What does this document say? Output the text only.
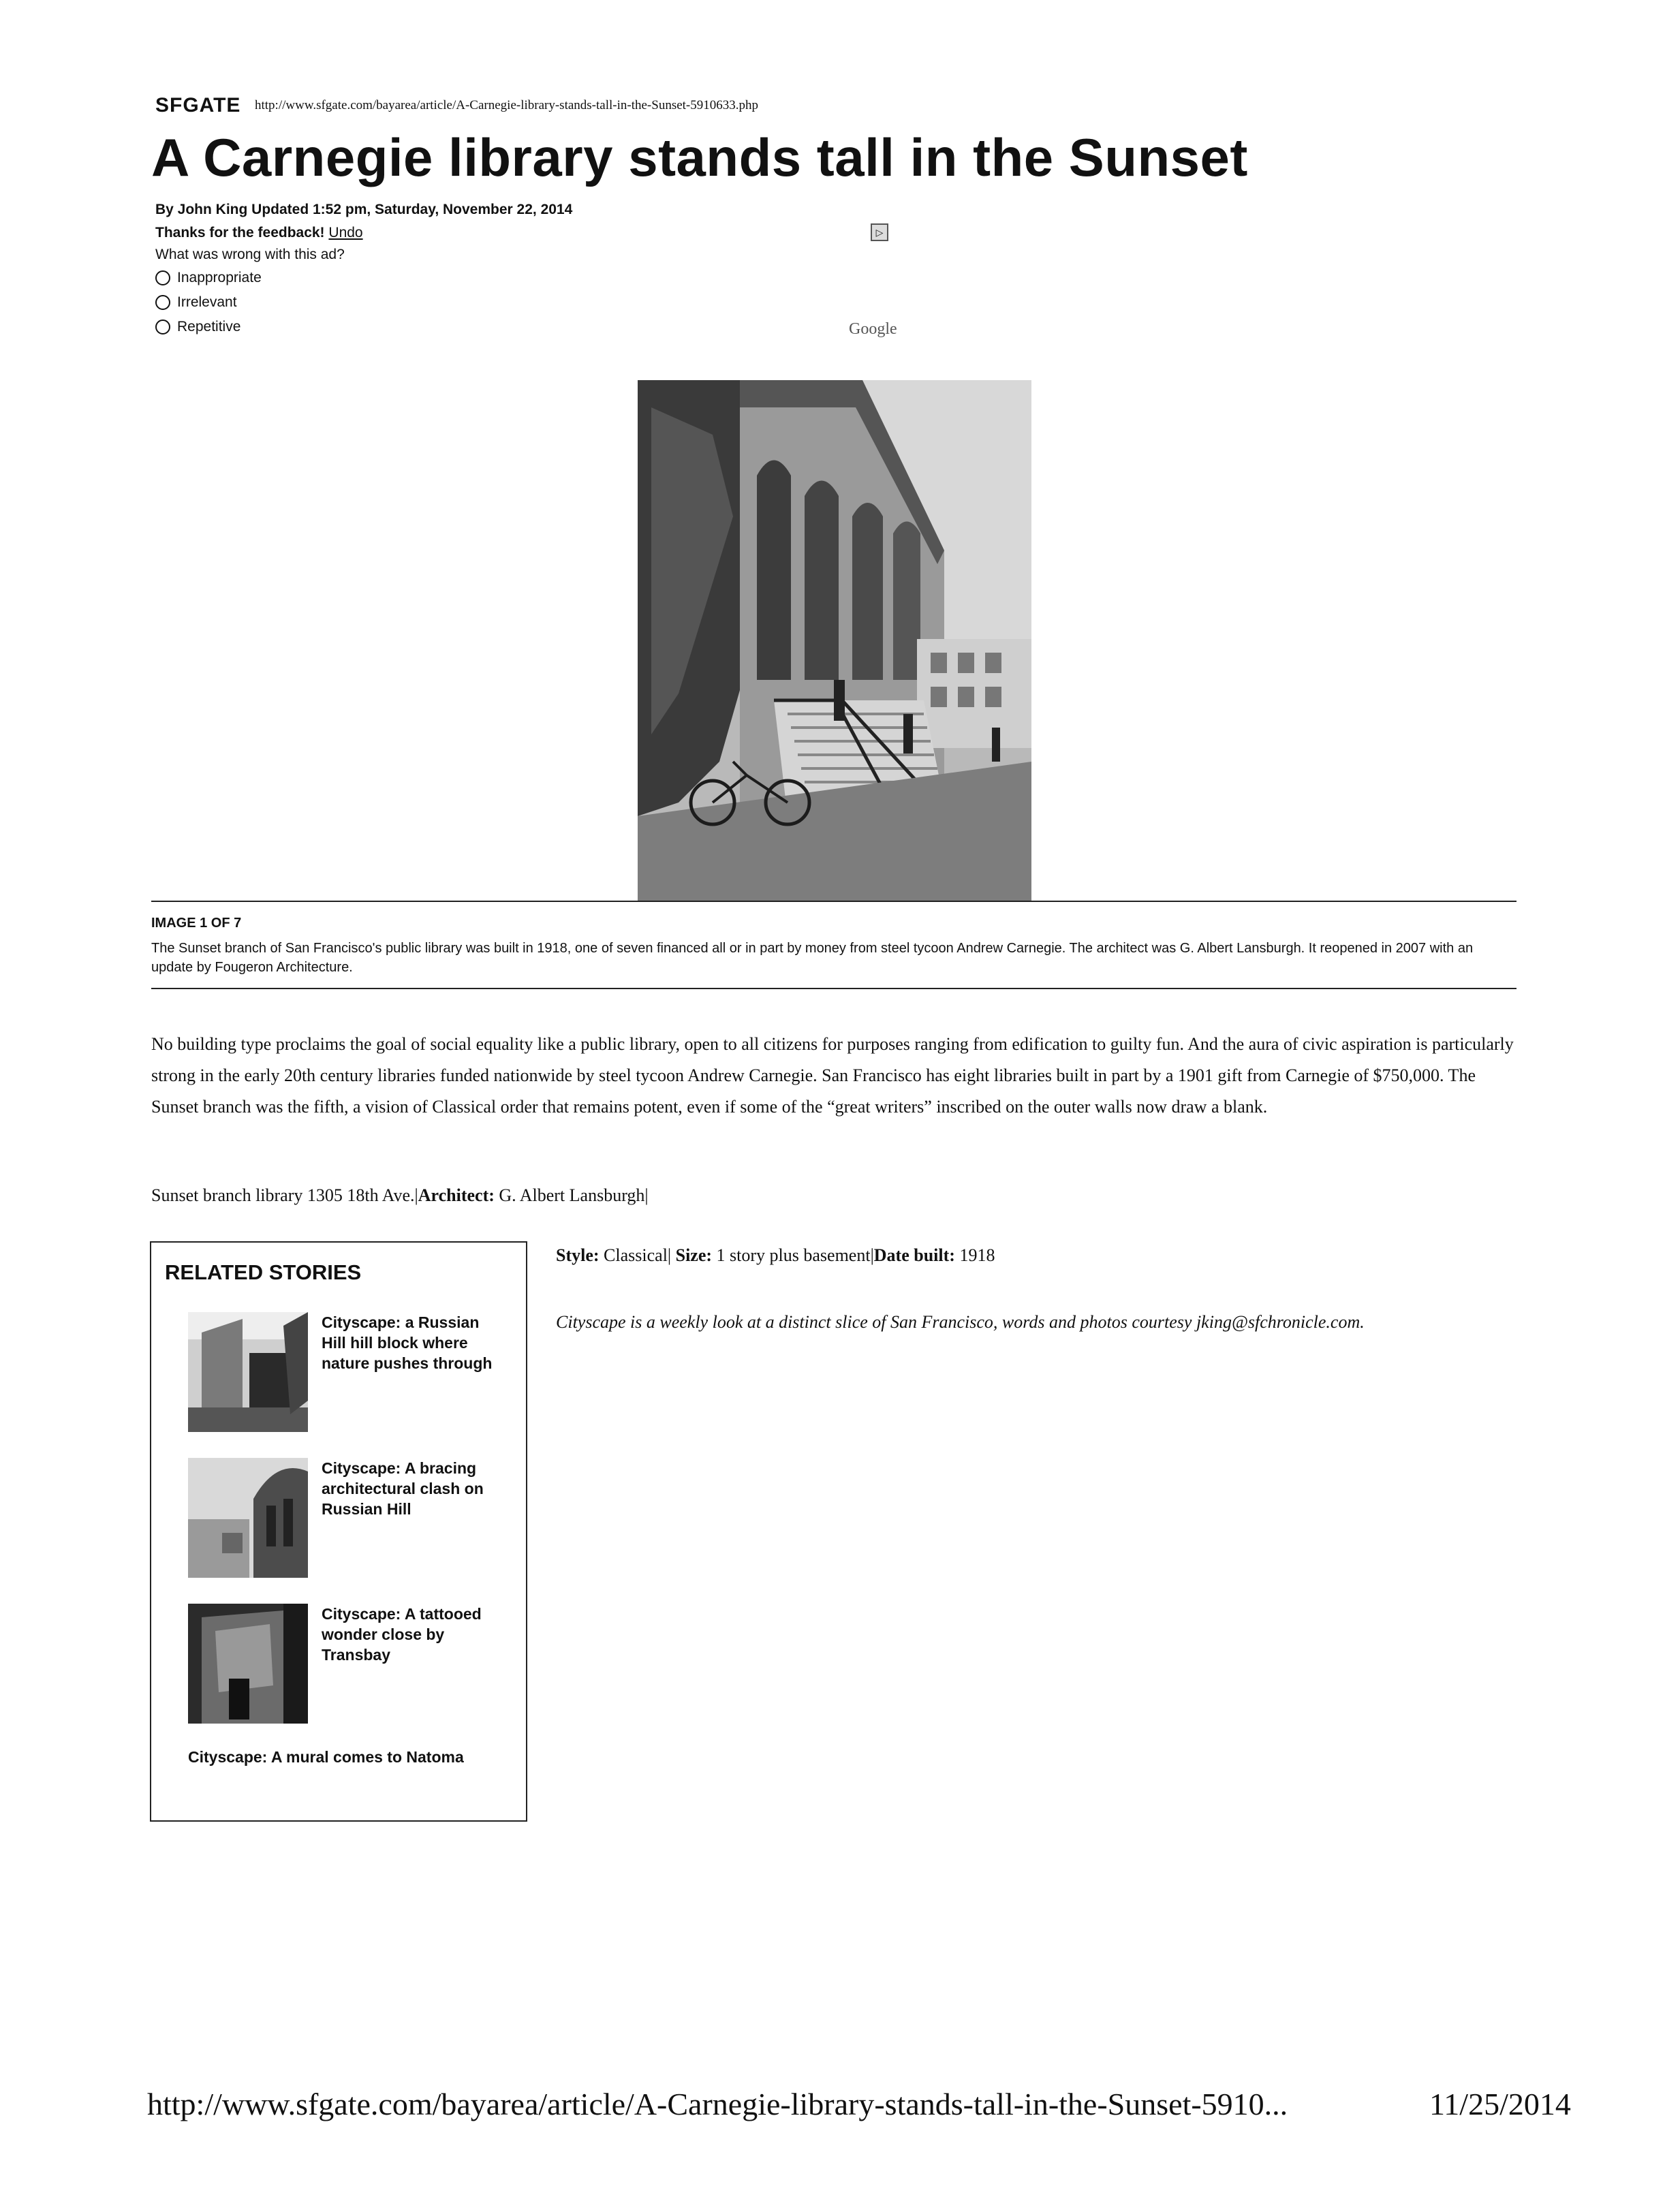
SFGATE http://www.sfgate.com/bayarea/article/A-Carnegie-library-stands-tall-in-the-Sunset-5910633.php
A Carnegie library stands tall in the Sunset
By John King Updated 1:52 pm, Saturday, November 22, 2014
Thanks for the feedback! Undo
What was wrong with this ad?
Inappropriate
Irrelevant
Repetitive
▷
Google
IMAGE 1 OF 7
The Sunset branch of San Francisco's public library was built in 1918, one of seven financed all or in part by money from steel tycoon Andrew Carnegie. The architect was G. Albert Lansburgh. It reopened in 2007 with an update by Fougeron Architecture.
No building type proclaims the goal of social equality like a public library, open to all citizens for purposes ranging from edification to guilty fun. And the aura of civic aspiration is particularly strong in the early 20th century libraries funded nationwide by steel tycoon Andrew Carnegie. San Francisco has eight libraries built in part by a 1901 gift from Carnegie of $750,000. The Sunset branch was the fifth, a vision of Classical order that remains potent, even if some of the “great writers” inscribed on the outer walls now draw a blank.
Sunset branch library 1305 18th Ave.|Architect: G. Albert Lansburgh|
Style: Classical| Size: 1 story plus basement|Date built: 1918
Cityscape is a weekly look at a distinct slice of San Francisco, words and photos courtesy jking@sfchronicle.com.
RELATED STORIES
Cityscape: a Russian Hill hill block where nature pushes through
Cityscape: A bracing architectural clash on Russian Hill
Cityscape: A tattooed wonder close by Transbay
Cityscape: A mural comes to Natoma
http://www.sfgate.com/bayarea/article/A-Carnegie-library-stands-tall-in-the-Sunset-5910...	11/25/2014
